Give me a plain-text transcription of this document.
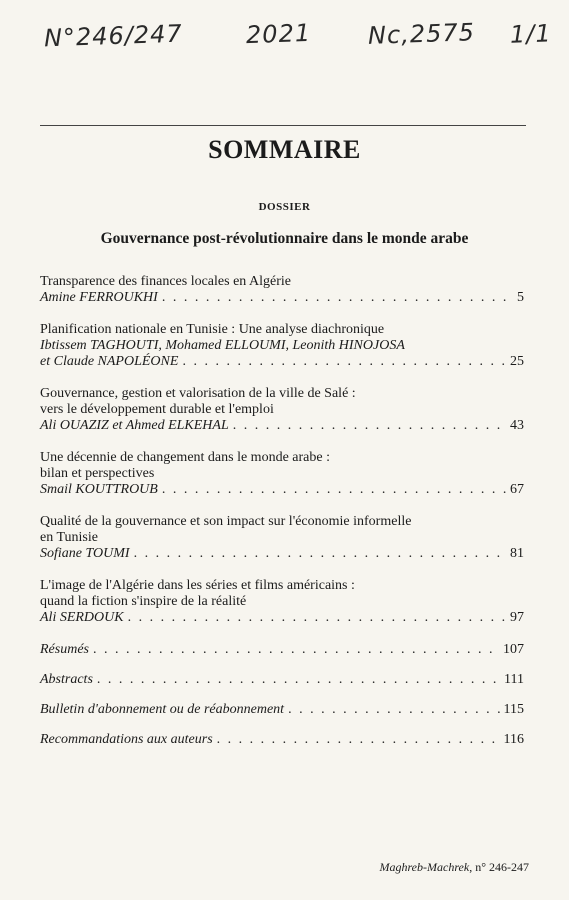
N°246/247	2021 Nc,2575 1/1
SOMMAIRE
DOSSIER
Gouvernance post-révolutionnaire dans le monde arabe
Transparence des finances locales en Algérie
Amine FERROUKHI . . .	5
Planification nationale en Tunisie : Une analyse diachronique
Ibtissem TAGHOUTI, Mohamed ELLOUMI, Leonith HINOJOSA
et Claude NAPOLÉONE . . .	25
Gouvernance, gestion et valorisation de la ville de Salé :
vers le développement durable et l'emploi
Ali OUAZIZ et Ahmed ELKEHAL . . .	43
Une décennie de changement dans le monde arabe :
bilan et perspectives
Smail KOUTTROUB . . .	67
Qualité de la gouvernance et son impact sur l'économie informelle
en Tunisie
Sofiane TOUMI . . .	81
L'image de l'Algérie dans les séries et films américains :
quand la fiction s'inspire de la réalité
Ali SERDOUK . . .	97
Résumés . . .	107
Abstracts . . .	111
Bulletin d'abonnement ou de réabonnement . . .	115
Recommandations aux auteurs . . .	116
Maghreb-Machrek, n° 246-247
